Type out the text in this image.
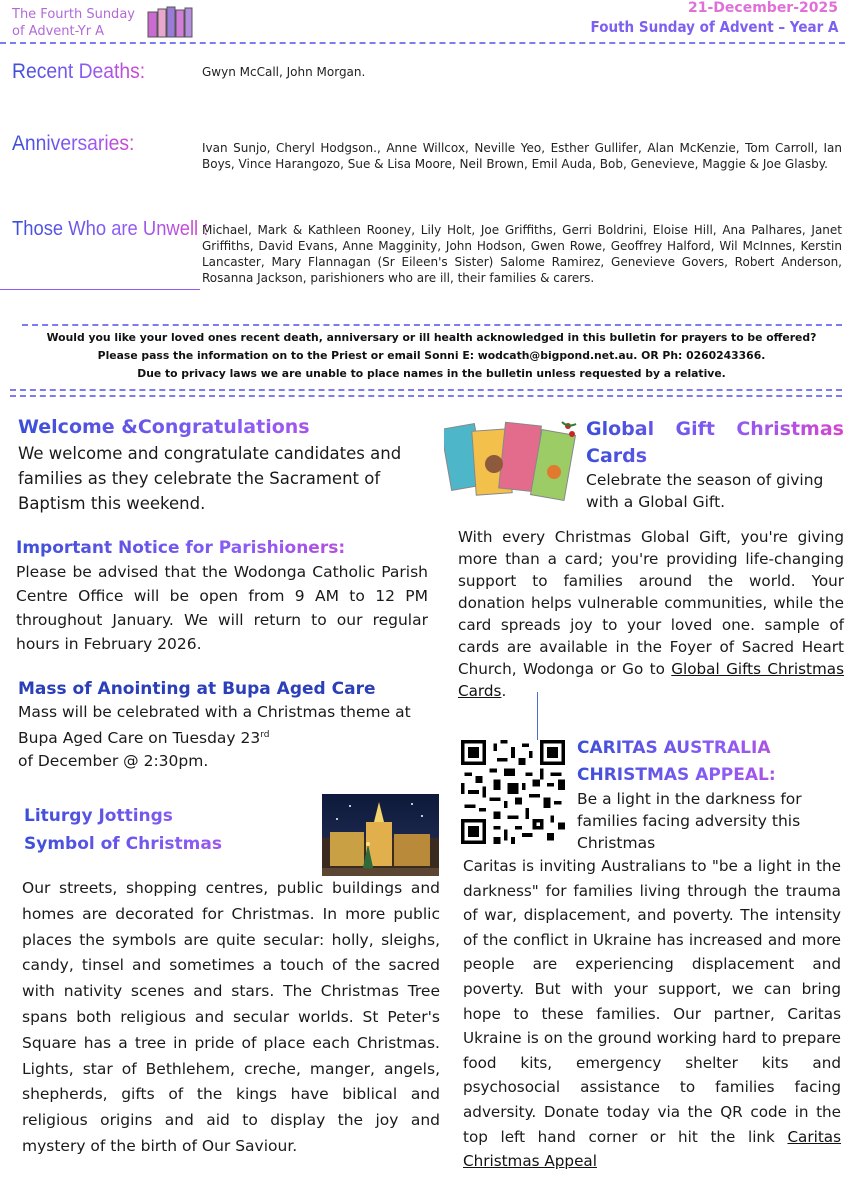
The Fourth Sunday of Advent-Yr A
21-December-2025
Fouth Sunday of Advent – Year A
Recent Deaths:	Gwyn McCall, John Morgan.
Anniversaries:	Ivan Sunjo, Cheryl Hodgson., Anne Willcox, Neville Yeo, Esther Gullifer, Alan McKenzie, Tom Carroll, Ian Boys, Vince Harangozo, Sue & Lisa Moore, Neil Brown, Emil Auda, Bob, Genevieve, Maggie & Joe Glasby.
Those Who are Unwell :
Michael, Mark & Kathleen Rooney, Lily Holt, Joe Griffiths, Gerri Boldrini, Eloise Hill, Ana Palhares, Janet Griffiths, David Evans, Anne Magginity, John Hodson, Gwen Rowe, Geoffrey Halford, Wil McInnes, Kerstin Lancaster, Mary Flannagan (Sr Eileen's Sister) Salome Ramirez, Genevieve Govers, Robert Anderson, Rosanna Jackson, parishioners who are ill, their families & carers.
Would you like your loved ones recent death, anniversary or ill health acknowledged in this bulletin for prayers to be offered?
Please pass the information on to the Priest or email Sonni E: wodcath@bigpond.net.au. OR Ph: 0260243366.
Due to privacy laws we are unable to place names in the bulletin unless requested by a relative.
Welcome &Congratulations
We welcome and congratulate candidates and families as they celebrate the Sacrament of Baptism this weekend.
Important Notice for Parishioners:
Please be advised that the Wodonga Catholic Parish Centre Office will be open from 9 AM to 12 PM throughout January. We will return to our regular hours in February 2026.
Mass of Anointing at Bupa Aged Care
Mass will be celebrated with a Christmas theme at Bupa Aged Care on Tuesday 23rd
of December @ 2:30pm.
Liturgy Jottings
Symbol of Christmas
Our streets, shopping centres, public buildings and homes are decorated for Christmas. In more public places the symbols are quite secular: holly, sleighs, candy, tinsel and sometimes a touch of the sacred with nativity scenes and stars. The Christmas Tree spans both religious and secular worlds. St Peter's Square has a tree in pride of place each Christmas. Lights, star of Bethlehem, creche, manger, angels, shepherds, gifts of the kings have biblical and religious origins and aid to display the joy and mystery of the birth of Our Saviour.
Global Gift Christmas Cards
Celebrate the season of giving with a Global Gift.
With every Christmas Global Gift, you're giving more than a card; you're providing life-changing support to families around the world. Your donation helps vulnerable communities, while the card spreads joy to your loved one. sample of cards are available in the Foyer of Sacred Heart Church, Wodonga or Go to Global Gifts Christmas Cards.
CARITAS AUSTRALIA
CHRISTMAS APPEAL:
Be a light in the darkness for families facing adversity this Christmas
Caritas is inviting Australians to "be a light in the darkness" for families living through the trauma of war, displacement, and poverty. The intensity of the conflict in Ukraine has increased and more people are experiencing displacement and poverty. But with your support, we can bring hope to these families. Our partner, Caritas Ukraine is on the ground working hard to prepare food kits, emergency shelter kits and psychosocial assistance to families facing adversity. Donate today via the QR code in the top left hand corner or hit the link Caritas Christmas Appeal
